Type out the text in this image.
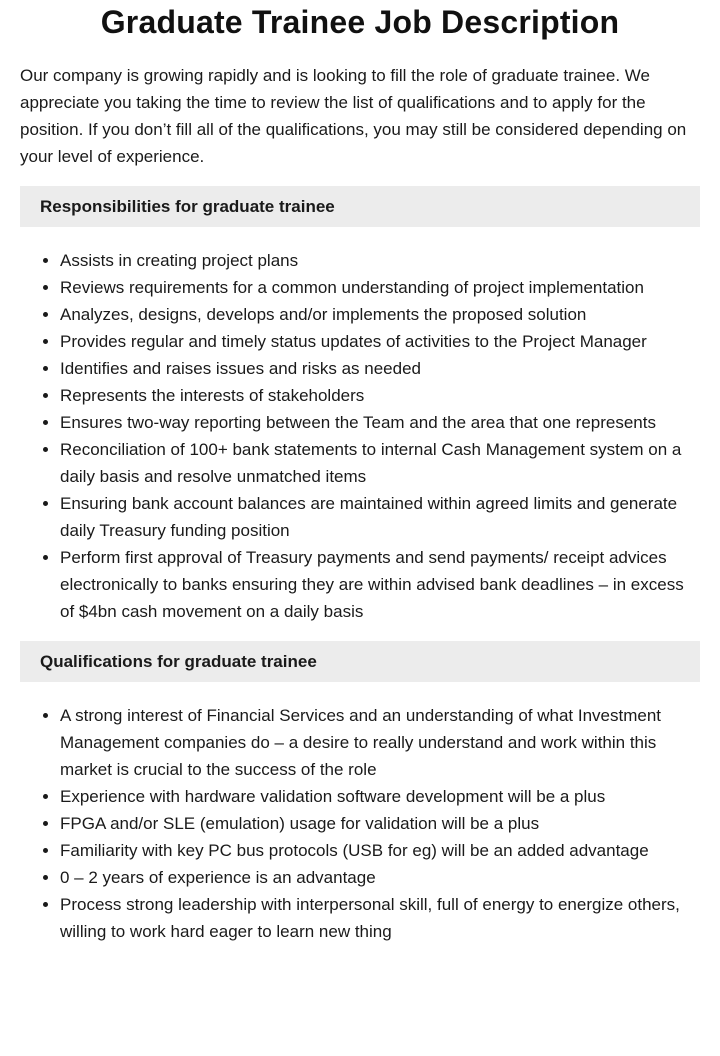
Graduate Trainee Job Description

Our company is growing rapidly and is looking to fill the role of graduate trainee. We appreciate you taking the time to review the list of qualifications and to apply for the position. If you don’t fill all of the qualifications, you may still be considered depending on your level of experience.

Responsibilities for graduate trainee
• Assists in creating project plans
• Reviews requirements for a common understanding of project implementation
• Analyzes, designs, develops and/or implements the proposed solution
• Provides regular and timely status updates of activities to the Project Manager
• Identifies and raises issues and risks as needed
• Represents the interests of stakeholders
• Ensures two-way reporting between the Team and the area that one represents
• Reconciliation of 100+ bank statements to internal Cash Management system on a daily basis and resolve unmatched items
• Ensuring bank account balances are maintained within agreed limits and generate daily Treasury funding position
• Perform first approval of Treasury payments and send payments/ receipt advices electronically to banks ensuring they are within advised bank deadlines – in excess of $4bn cash movement on a daily basis
Qualifications for graduate trainee
• A strong interest of Financial Services and an understanding of what Investment Management companies do – a desire to really understand and work within this market is crucial to the success of the role
• Experience with hardware validation software development will be a plus
• FPGA and/or SLE (emulation) usage for validation will be a plus
• Familiarity with key PC bus protocols (USB for eg) will be an added advantage
• 0 – 2 years of experience is an advantage
• Process strong leadership with interpersonal skill, full of energy to energize others, willing to work hard eager to learn new thing
